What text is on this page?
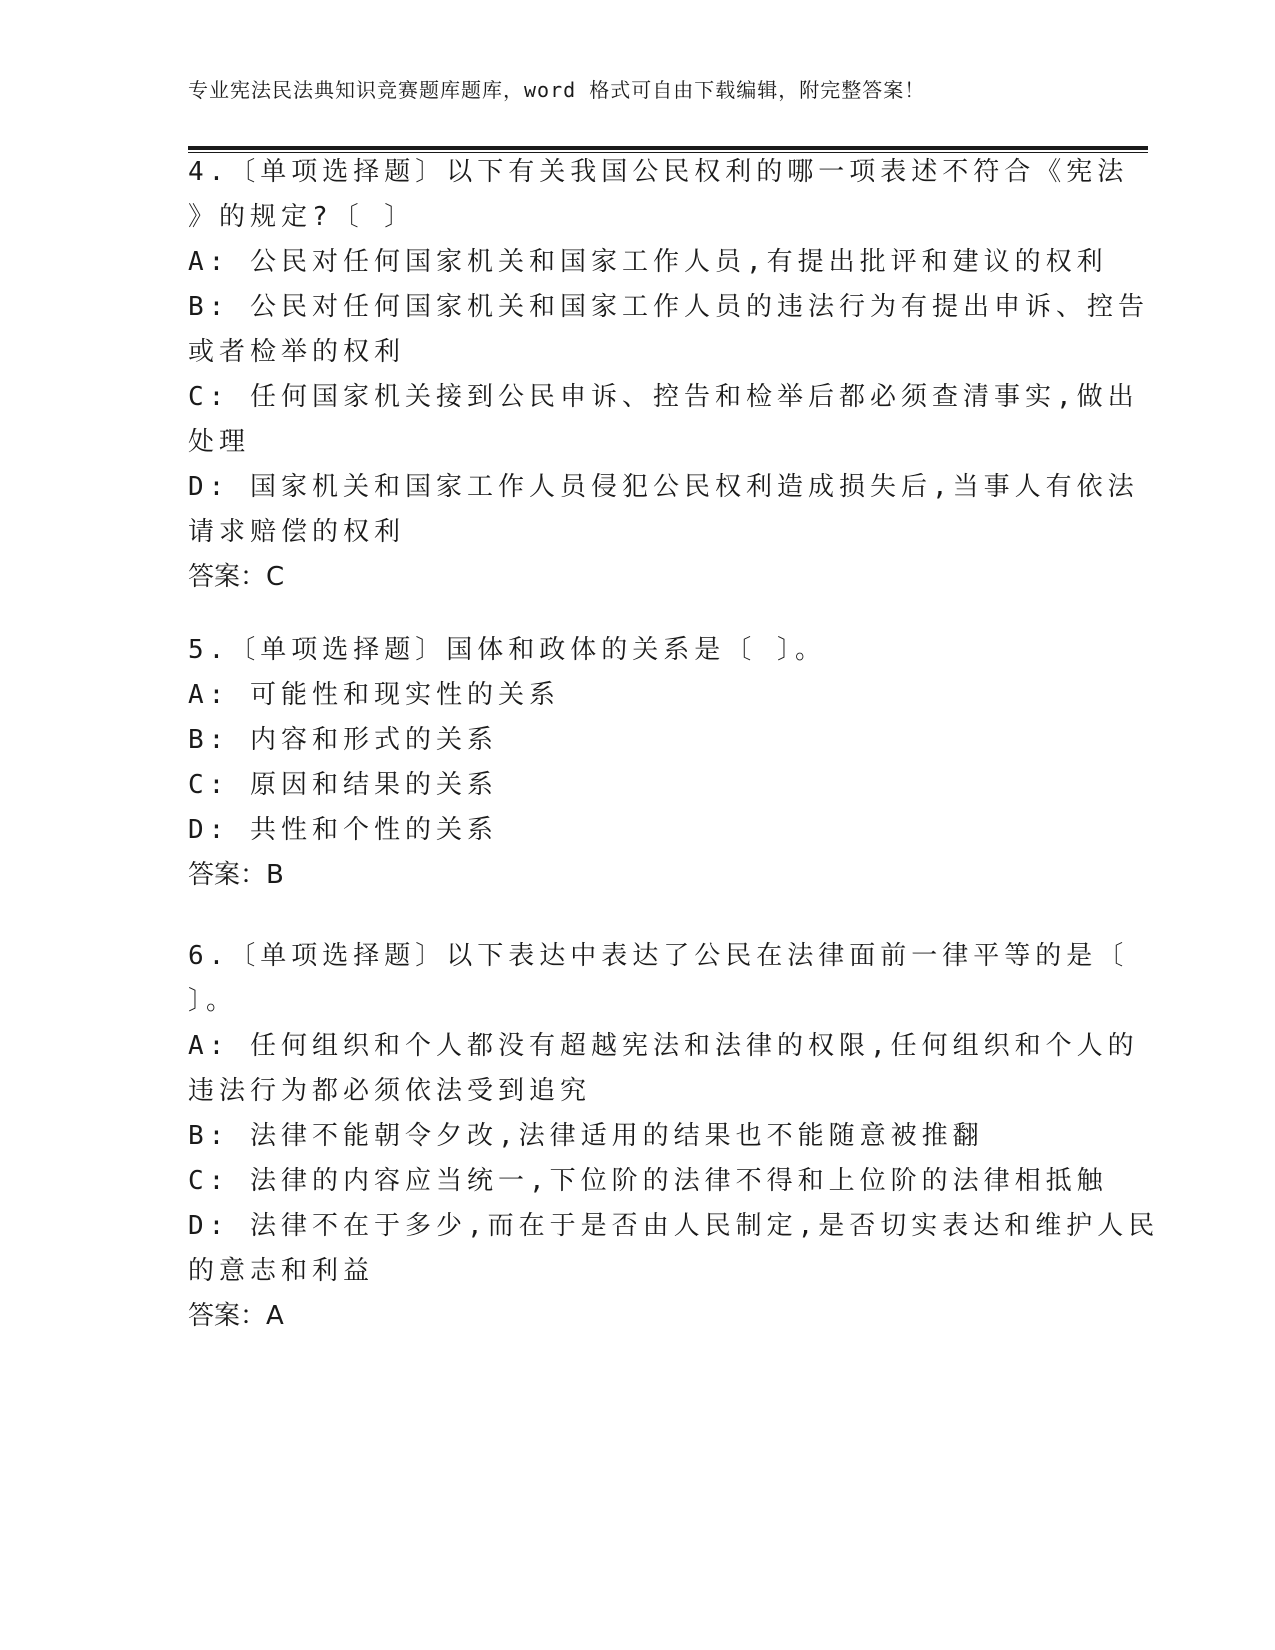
专业宪法民法典知识竞赛题库题库，word 格式可自由下载编辑，附完整答案！
4.〔单项选择题〕以下有关我国公民权利的哪一项表述不符合《宪法
》的规定?〔 〕
A: 公民对任何国家机关和国家工作人员,有提出批评和建议的权利
B: 公民对任何国家机关和国家工作人员的违法行为有提出申诉、控告
或者检举的权利
C: 任何国家机关接到公民申诉、控告和检举后都必须查清事实,做出
处理
D: 国家机关和国家工作人员侵犯公民权利造成损失后,当事人有依法
请求赔偿的权利
答案：C
5.〔单项选择题〕国体和政体的关系是〔 〕。
A: 可能性和现实性的关系
B: 内容和形式的关系
C: 原因和结果的关系
D: 共性和个性的关系
答案：B
6.〔单项选择题〕以下表达中表达了公民在法律面前一律平等的是〔
〕。
A: 任何组织和个人都没有超越宪法和法律的权限,任何组织和个人的
违法行为都必须依法受到追究
B: 法律不能朝令夕改,法律适用的结果也不能随意被推翻
C: 法律的内容应当统一,下位阶的法律不得和上位阶的法律相抵触
D: 法律不在于多少,而在于是否由人民制定,是否切实表达和维护人民
的意志和利益
答案：A
